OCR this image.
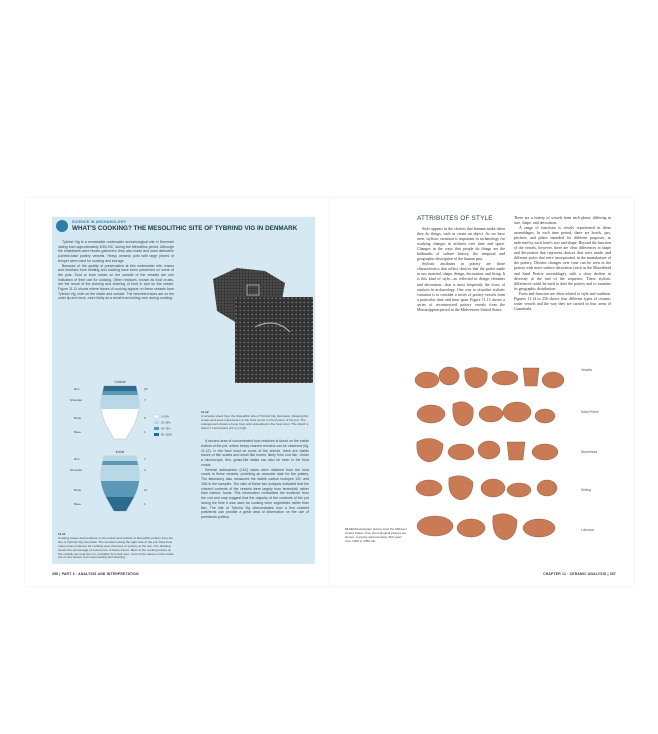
SCIENCE IN ARCHAEOLOGY
WHAT'S COOKING? THE MESOLITHIC SITE OF TYBRIND VIG IN DENMARK

Tybrind Vig is a remarkable underwater archaeological site in Denmark dating from approximately 4000 BC, during the Mesolithic period. Although the inhabitants were hunter-gatherers, they also made and used distinctive pointed-base pottery vessels. Heavy ceramic pots with large pieces of temper were used for cooking and storage.

Because of the quality of preservation at this underwater site, traces and residues from heating and cooking have been preserved on some of the pots. Soot or burn marks on the outside of the vessels are one indication of their use for cooking. Other residues, known as food crusts, are the result of the burning and charring of food in and on the vessel. Figure 11.11 shows where traces of cooking appear on these vessels from Tybrind Vig, both on the inside and outside. The heaviest traces are on the outer lip and neck, more likely as a result from boiling over during cooking.

11.12
A ceramic sherd from the Mesolithic site of Tybrind Vig, Denmark, showing fish scales and seed impressions in the food crusts on the bottom of the pot. The enlargement shows a bone from and embedded in the food crust. The sherd is about 7 centimeters (2¾ in.) high.
Outside
Rim
Shoulder
Body
Base
22
7
5
1
0–19%
20–39%
40–79%
80–100%
Inside
Rim
Shoulder
Body
Base
7
4
11
1

A second area of concentrated food residues is found on the inside bottom of the pot, where heavy charred remains can be observed (fig. 11.12). In the food crust on some of the sherds, there are visible traces of fish scales and small fish bones, likely from cod fish. Under a microscope, thin, grass-like stalks can also be seen in the food crusts.

Several radiocarbon (14C) dates were obtained from the food crusts in these vessels, providing an accurate date for the pottery. The laboratory also measured the stable carbon isotopes 13C and 15N in the samples. The ratio of these two isotopes indicated that the charred contents of the vessels were largely from terrestrial, rather than marine, foods. This information contradicts the evidence from the cod and may suggest that the majority of the contents of the pot during the time it was used for cooking were vegetables rather than fish. The site of Tybrind Vig demonstrates how a few charred potsherds can provide a great deal of information on the use of prehistoric pottery.

11.11
Cooking traces and residues on the inside and outside of Mesolithic pottery from the site of Tybrind Vig, Denmark. The numbers along the right side of the pot show how many times evidence for cooking was observed on pottery at the site. The shading shows the percentage of occurrence of these traces. Most of the cooking traces on the outside are near the rim, probably from boil over; most of the traces on the inside are on the bottom from overcooking and charring.
356 | PART 3 · ANALYSIS AND INTERPRETATION
ATTRIBUTES OF STYLE

Style appears in the choices that humans make when they do things, such as create an object. As we have seen, stylistic variation is important in archaeology for studying changes in artifacts over time and space. Changes in the ways that people do things are the hallmarks of culture history, the temporal and geographic description of the human past.

Stylistic attributes in pottery are those characteristics that reflect choices that the potter made in raw material, shape, design, decoration, and firing. It is this kind of style—as reflected in design elements and decoration—that is most frequently the focus of analysis in archaeology. One way to visualize stylistic variation is to consider a series of pottery vessels from a particular time and time span. Figure 11.13 shows a series of reconstructed pottery vessels from the Mississippian period in the Midwestern United States.

There are a variety of vessels from each phase, differing in size, shape, and decoration.

A range of functions is clearly represented in these assemblages. In each time period, there are bowls, jars, pitchers, and plates intended for different purposes, as indicated by each form's size and shape. Beyond the function of the vessels, however, there are clear differences in shape and decoration that represent choices that were made, and different styles that were incorporated, in the manufacture of the pottery. Distinct changes over time can be seen in the pottery with more surface decoration (such as the Moorehead and Sand Prairie assemblage), with a clear decline in diversity at the end of the sequence. These stylistic differences could be used to date the pottery and to examine its geographic distribution.

Form and function are often related to style and tradition. Figures 11.14 to 256 shows four different types of ceramic water vessels and the way they are carried in four areas of Guatemala.

Vessels
Sand Prairie
Moorehead
Stirling
Lohmann
11.13 Mississippian pottery from the Midwest United States. Five chronological phases are shown, covering approximately 300 years from 1050 to 1350 AD.
CHAPTER 11 · CERAMIC ANALYSIS | 357
